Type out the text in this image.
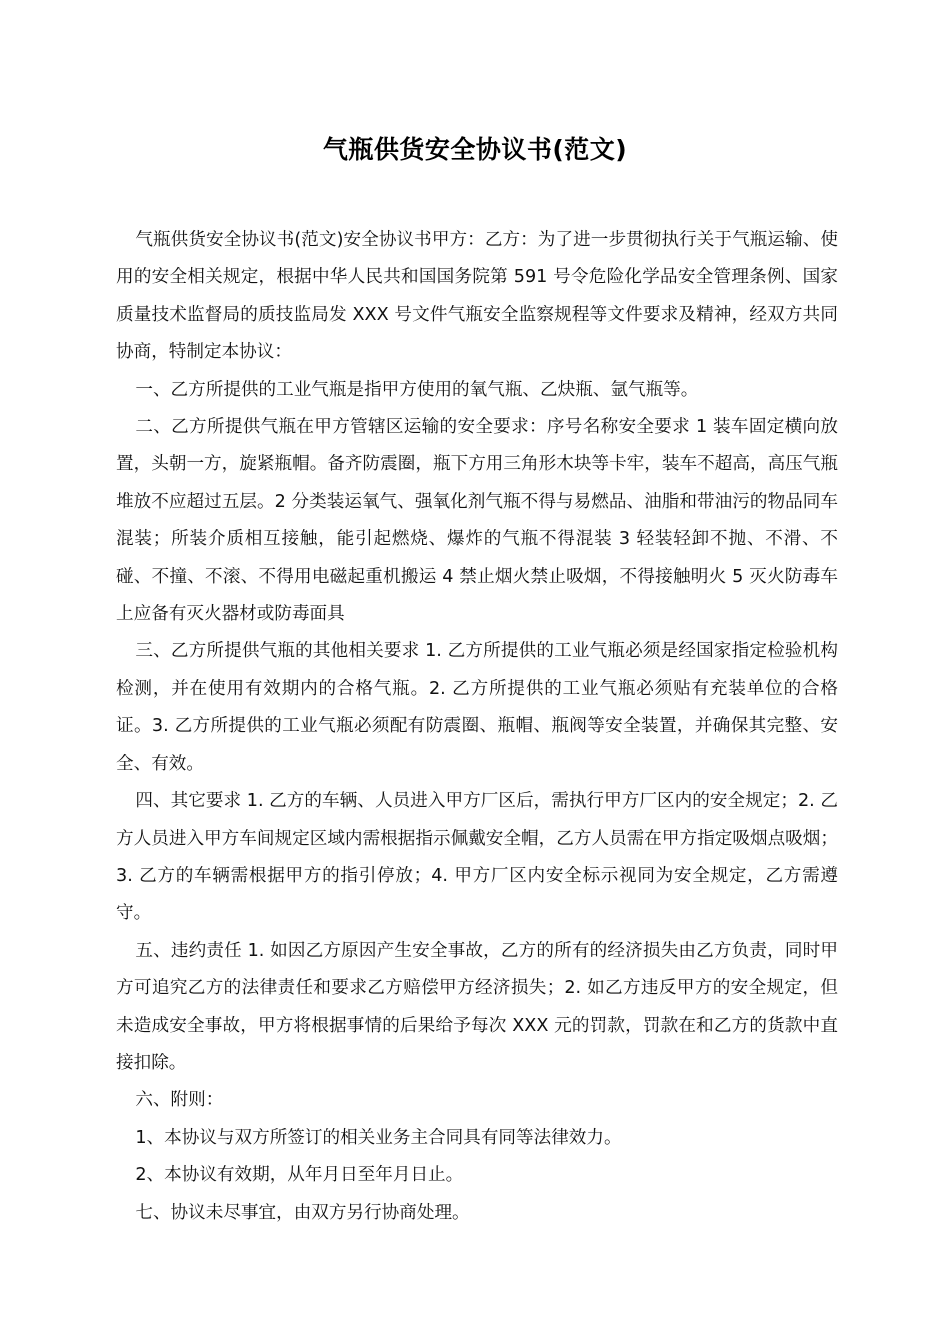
气瓶供货安全协议书(范文)

气瓶供货安全协议书(范文)安全协议书甲方：乙方：为了进一步贯彻执行关于气瓶运输、使用的安全相关规定，根据中华人民共和国国务院第 591 号令危险化学品安全管理条例、国家质量技术监督局的质技监局发 XXX 号文件气瓶安全监察规程等文件要求及精神，经双方共同协商，特制定本协议：

一、乙方所提供的工业气瓶是指甲方使用的氧气瓶、乙炔瓶、氩气瓶等。

二、乙方所提供气瓶在甲方管辖区运输的安全要求：序号名称安全要求 1 装车固定横向放置，头朝一方，旋紧瓶帽。备齐防震圈，瓶下方用三角形木块等卡牢，装车不超高，高压气瓶堆放不应超过五层。2 分类装运氧气、强氧化剂气瓶不得与易燃品、油脂和带油污的物品同车混装；所装介质相互接触，能引起燃烧、爆炸的气瓶不得混装 3 轻装轻卸不抛、不滑、不碰、不撞、不滚、不得用电磁起重机搬运 4 禁止烟火禁止吸烟，不得接触明火 5 灭火防毒车上应备有灭火器材或防毒面具

三、乙方所提供气瓶的其他相关要求 1. 乙方所提供的工业气瓶必须是经国家指定检验机构检测，并在使用有效期内的合格气瓶。2. 乙方所提供的工业气瓶必须贴有充装单位的合格证。3. 乙方所提供的工业气瓶必须配有防震圈、瓶帽、瓶阀等安全装置，并确保其完整、安全、有效。

四、其它要求 1. 乙方的车辆、人员进入甲方厂区后，需执行甲方厂区内的安全规定；2. 乙方人员进入甲方车间规定区域内需根据指示佩戴安全帽，乙方人员需在甲方指定吸烟点吸烟；3. 乙方的车辆需根据甲方的指引停放；4. 甲方厂区内安全标示视同为安全规定，乙方需遵守。

五、违约责任 1. 如因乙方原因产生安全事故，乙方的所有的经济损失由乙方负责，同时甲方可追究乙方的法律责任和要求乙方赔偿甲方经济损失；2. 如乙方违反甲方的安全规定，但未造成安全事故，甲方将根据事情的后果给予每次 XXX 元的罚款，罚款在和乙方的货款中直接扣除。

六、附则：

1、本协议与双方所签订的相关业务主合同具有同等法律效力。

2、本协议有效期，从年月日至年月日止。

七、协议未尽事宜，由双方另行协商处理。
